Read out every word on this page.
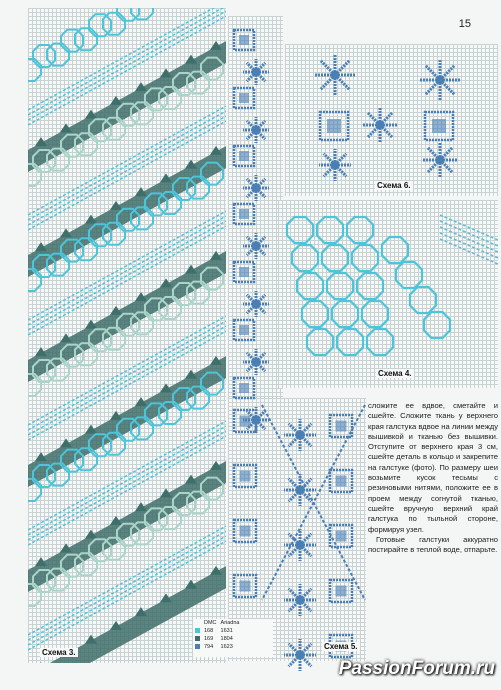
15
Схема 6.
Схема 4.
Схема 5.
Схема 3.
	DMC	Ariadna
	168	1631
	169	1804
	794	1623

сложите ее вдвое, сметайте и сшейте. Сложите ткань у верхнего края галстука вдвое на линии между вышивкой и тканью без вышивки. Отступите от верхнего края 3 см, сшейте деталь в кольцо и закрепите на галстуке (фото). По размеру шеи возьмите кусок тесьмы с резиновыми нитями, положите ее в проем между согнутой тканью, сшейте вручную верхний край галстука по тыльной стороне, формируя узел.

Готовые галстуки аккуратно постирайте в теплой воде, отпарьте.

PassionForum.ru
